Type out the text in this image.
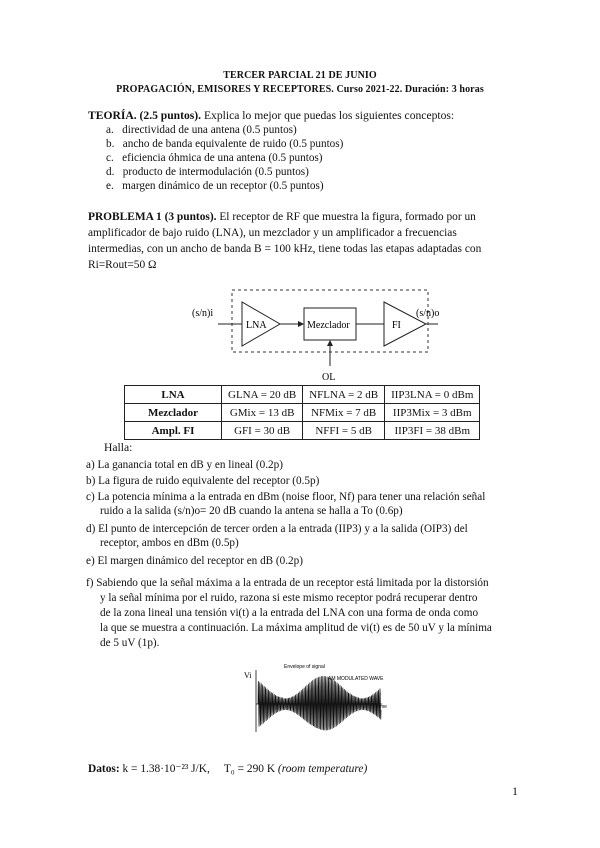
TERCER PARCIAL 21 DE JUNIO
PROPAGACIÓN, EMISORES Y RECEPTORES. Curso 2021-22. Duración: 3 horas
TEORÍA. (2.5 puntos). Explica lo mejor que puedas los siguientes conceptos:
a. directividad de una antena (0.5 puntos)
b. ancho de banda equivalente de ruido (0.5 puntos)
c. eficiencia óhmica de una antena (0.5 puntos)
d. producto de intermodulación (0.5 puntos)
e. margen dinámico de un receptor (0.5 puntos)
PROBLEMA 1 (3 puntos). El receptor de RF que muestra la figura, formado por un
amplificador de bajo ruido (LNA), un mezclador y un amplificador a frecuencias
intermedias, con un ancho de banda B = 100 kHz, tiene todas las etapas adaptadas con
Ri=Rout=50 Ω
(s/n)i
LNA	Mezclador	FI
(s/n)o
OL
LNA	GLNA = 20 dB	NFLNA = 2 dB	IIP3LNA = 0 dBm
Mezclador	GMix = 13 dB	NFMix = 7 dB	IIP3Mix = 3 dBm
Ampl. FI	GFI = 30 dB	NFFI = 5 dB	IIP3FI = 38 dBm
Halla:
a) La ganancia total en dB y en lineal (0.2p)
b) La figura de ruido equivalente del receptor (0.5p)
c) La potencia mínima a la entrada en dBm (noise floor, Nf) para tener una relación señal
ruido a la salida (s/n)o= 20 dB cuando la antena se halla a To (0.6p)
d) El punto de intercepción de tercer orden a la entrada (IIP3) y a la salida (OIP3) del
receptor, ambos en dBm (0.5p)
e) El margen dinámico del receptor en dB (0.2p)
f) Sabiendo que la señal máxima a la entrada de un receptor está limitada por la distorsión
y la señal mínima por el ruido, razona si este mismo receptor podrá recuperar dentro
de la zona lineal una tensión vi(t) a la entrada del LNA con una forma de onda como
la que se muestra a continuación. La máxima amplitud de vi(t) es de 50 uV y la mínima
de 5 uV (1p).
Vi
Envelope of signal
AM MODULATED WAVE
Time
Datos: k = 1.38·10⁻²³ J/K, T₀ = 290 K (room temperature)
1
